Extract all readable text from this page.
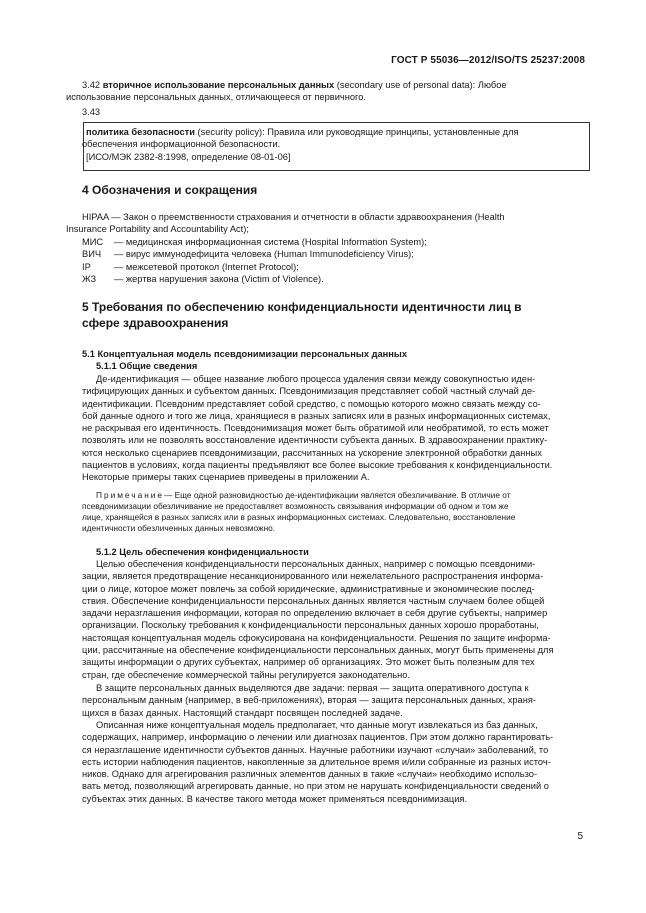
ГОСТ Р 55036—2012/ISO/TS 25237:2008
3.42 вторичное использование персональных данных (secondary use of personal data): Любое
использование персональных данных, отличающееся от первичного.
3.43
политика безопасности (security policy): Правила или руководящие принципы, установленные для
обеспечения информационной безопасности.
[ИСО/МЭК 2382-8:1998, определение 08-01-06]
4 Обозначения и сокращения
HIPAA — Закон о преемственности страхования и отчетности в области здравоохранения (Health
Insurance Portability and Accountability Act);
МИС — медицинская информационная система (Hospital Information System);
ВИЧ — вирус иммунодефицита человека (Human Immunodeficiency Virus);
IP — межсетевой протокол (Internet Protocol);
ЖЗ — жертва нарушения закона (Victim of Violence).
5 Требования по обеспечению конфиденциальности идентичности лиц в
сфере здравоохранения
5.1 Концептуальная модель псевдонимизации персональных данных
5.1.1 Общие сведения
Де-идентификация — общее название любого процесса удаления связи между совокупностью иден-
тифицирующих данных и субъектом данных. Псевдонимизация представляет собой частный случай де-
идентификации. Псевдоним представляет собой средство, с помощью которого можно связать между со-
бой данные одного и того же лица, хранящиеся в разных записях или в разных информационных системах,
не раскрывая его идентичность. Псевдонимизация может быть обратимой или необратимой, то есть может
позволять или не позволять восстановление идентичности субъекта данных. В здравоохранении практику-
ются несколько сценариев псевдонимизации, рассчитанных на ускорение электронной обработки данных
пациентов в условиях, когда пациенты предъявляют все более высокие требования к конфиденциальности.
Некоторые примеры таких сценариев приведены в приложении А.
Примечание— Еще одной разновидностью де-идентификации является обезличивание. В отличие от
псевдонимизации обезличивание не предоставляет возможность связывания информации об одном и том же
лице, хранящейся в разных записях или в разных информационных системах. Следовательно, восстановление
идентичности обезличенных данных невозможно.
5.1.2 Цель обеспечения конфиденциальности
Целью обеспечения конфиденциальности персональных данных, например с помощью псевдоними-
зации, является предотвращение несанкционированного или нежелательного распространения информа-
ции о лице, которое может повлечь за собой юридические, административные и экономические послед-
ствия. Обеспечение конфиденциальности персональных данных является частным случаем более общей
задачи неразглашения информации, которая по определению включает в себя другие субъекты, например
организации. Поскольку требования к конфиденциальности персональных данных хорошо проработаны,
настоящая концептуальная модель сфокусирована на конфиденциальности. Решения по защите информа-
ции, рассчитанные на обеспечение конфиденциальности персональных данных, могут быть применены для
защиты информации о других субъектах, например об организациях. Это может быть полезным для тех
стран, где обеспечение коммерческой тайны регулируется законодательно.
В защите персональных данных выделяются две задачи: первая — защита оперативного доступа к
персональным данным (например, в веб-приложениях), вторая — защита персональных данных, храня-
щихся в базах данных. Настоящий стандарт посвящен последней задаче.
Описанная ниже концептуальная модель предполагает, что данные могут извлекаться из баз данных,
содержащих, например, информацию о лечении или диагнозах пациентов. При этом должно гарантировать-
ся неразглашение идентичности субъектов данных. Научные работники изучают «случаи» заболеваний, то
есть истории наблюдения пациентов, накопленные за длительное время и/или собранные из разных источ-
ников. Однако для агрегирования различных элементов данных в такие «случаи» необходимо использо-
вать метод, позволяющий агрегировать данные, но при этом не нарушать конфиденциальности сведений о
субъектах этих данных. В качестве такого метода может применяться псевдонимизация.
5
